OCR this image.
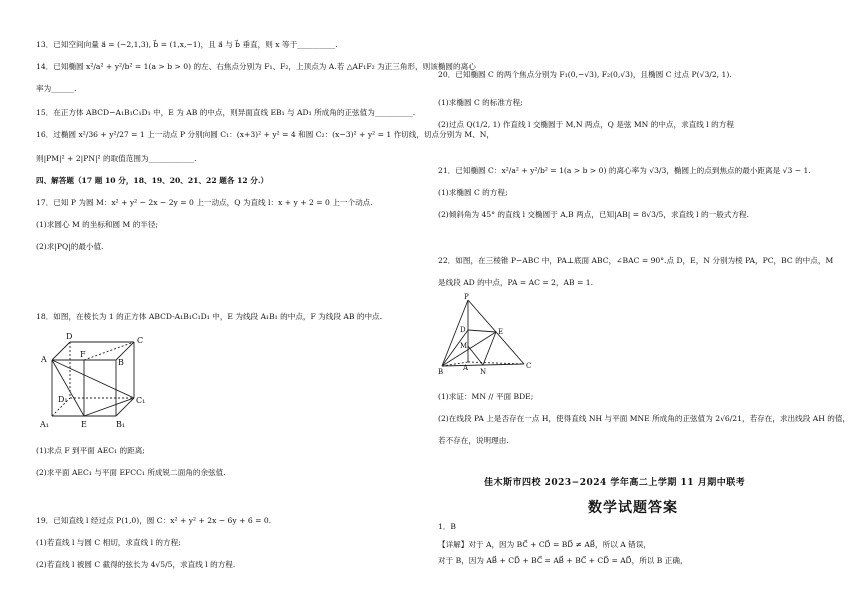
13．已知空间向量 a⃗ = (−2,1,3), b⃗ = (1,x,−1)，且 a⃗ 与 b⃗ 垂直，则 x 等于__________.
14．已知椭圆 x²/a² + y²/b² = 1(a > b > 0) 的左、右焦点分别为 F₁、F₂，上顶点为 A.若 △AF₁F₂ 为正三角形，则该椭圆的离心
率为______.
15．在正方体 ABCD−A₁B₁C₁D₁ 中，E 为 AB 的中点，则异面直线 EB₁ 与 AD₁ 所成角的正弦值为__________.
16．过椭圆 x²/36 + y²/27 = 1 上一动点 P 分别向圆 C₁：(x+3)² + y² = 4 和圆 C₂：(x−3)² + y² = 1 作切线，切点分别为 M、N，
则|PM|² + 2|PN|² 的取值范围为____________.
四、解答题（17 题 10 分，18、19、20、21、22 题各 12 分.）
17．已知 P 为圆 M：x² + y² − 2x − 2y = 0 上一动点，Q 为直线 l：x + y + 2 = 0 上一个动点.
(1)求圆心 M 的坐标和圆 M 的半径;
(2)求|PQ|的最小值.
18．如图，在棱长为 1 的正方体 ABCD-A₁B₁C₁D₁ 中，E 为线段 A₁B₁ 的中点，F 为线段 AB 的中点.
D	C
F
A	B
D₁	C₁
A₁	E	B₁
(1)求点 F 到平面 AEC₁ 的距离;
(2)求平面 AEC₁ 与平面 EFCC₁ 所成锐二面角的余弦值.
19．已知直线 l 经过点 P(1,0)，圆 C：x² + y² + 2x − 6y + 6 = 0.
(1)若直线 l 与圆 C 相切，求直线 l 的方程;
(2)若直线 l 被圆 C 截得的弦长为 4√5/5，求直线 l 的方程.
20．已知椭圆 C 的两个焦点分别为 F₁(0,−√3), F₂(0,√3)，且椭圆 C 过点 P(√3/2, 1).
(1)求椭圆 C 的标准方程;
(2)过点 Q(1/2, 1) 作直线 l 交椭圆于 M,N 两点，Q 是弦 MN 的中点，求直线 l 的方程
21．已知椭圆 C：x²/a² + y²/b² = 1(a > b > 0) 的离心率为 √3/3，椭圆上的点到焦点的最小距离是 √3 − 1.
(1)求椭圆 C 的方程;
(2)倾斜角为 45° 的直线 l 交椭圆于 A,B 两点，已知|AB| = 8√3/5，求直线 l 的一般式方程.
22．如图，在三棱锥 P−ABC 中，PA⊥底面 ABC，∠BAC = 90°.点 D，E，N 分别为棱 PA，PC，BC 的中点，M
是线段 AD 的中点，PA = AC = 2，AB = 1.
P
D	E
M
A	C
B	N
(1)求证：MN // 平面 BDE;
(2)在线段 PA 上是否存在一点 H，使得直线 NH 与平面 MNE 所成角的正弦值为 2√6/21，若存在，求出线段 AH 的值，
若不存在，说明理由.
佳木斯市四校 2023−2024 学年高二上学期 11 月期中联考
数学试题答案
1．B
【详解】对于 A，因为 BC⃗ + CD⃗ = BD⃗ ≠ AB⃗，所以 A 错误，
对于 B，因为 AB⃗ + CD⃗ + BC⃗ = AB⃗ + BC⃗ + CD⃗ = AD⃗，所以 B 正确，
